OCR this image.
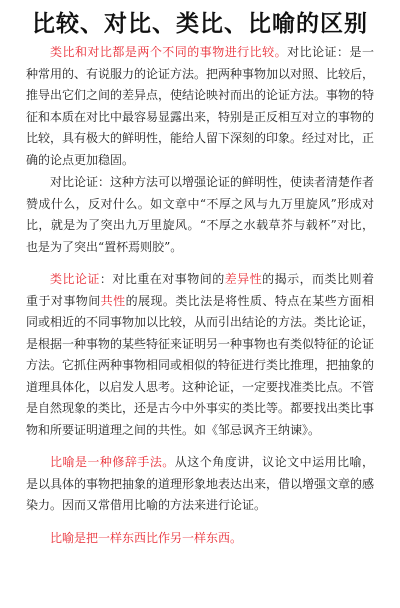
比较、对比、类比、比喻的区别

类比和对比都是两个不同的事物进行比较。对比论证：是一种常用的、有说服力的论证方法。把两种事物加以对照、比较后，推导出它们之间的差异点，使结论映衬而出的论证方法。事物的特征和本质在对比中最容易显露出来，特别是正反相互对立的事物的比较，具有极大的鲜明性，能给人留下深刻的印象。经过对比，正确的论点更加稳固。

对比论证：这种方法可以增强论证的鲜明性，使读者清楚作者赞成什么，反对什么。如文章中“不厚之风与九万里旋风”形成对比，就是为了突出九万里旋风。“不厚之水载草芥与载杯”对比，也是为了突出“置杯焉则胶”。

类比论证：对比重在对事物间的差异性的揭示，而类比则着重于对事物间共性的展现。类比法是将性质、特点在某些方面相同或相近的不同事物加以比较，从而引出结论的方法。类比论证，是根据一种事物的某些特征来证明另一种事物也有类似特征的论证方法。它抓住两种事物相同或相似的特征进行类比推理，把抽象的道理具体化，以启发人思考。这种论证，一定要找准类比点。不管是自然现象的类比，还是古今中外事实的类比等。都要找出类比事物和所要证明道理之间的共性。如《邹忌讽齐王纳谏》。

比喻是一种修辞手法。从这个角度讲，议论文中运用比喻，是以具体的事物把抽象的道理形象地表达出来，借以增强文章的感染力。因而又常借用比喻的方法来进行论证。

比喻是把一样东西比作另一样东西。
